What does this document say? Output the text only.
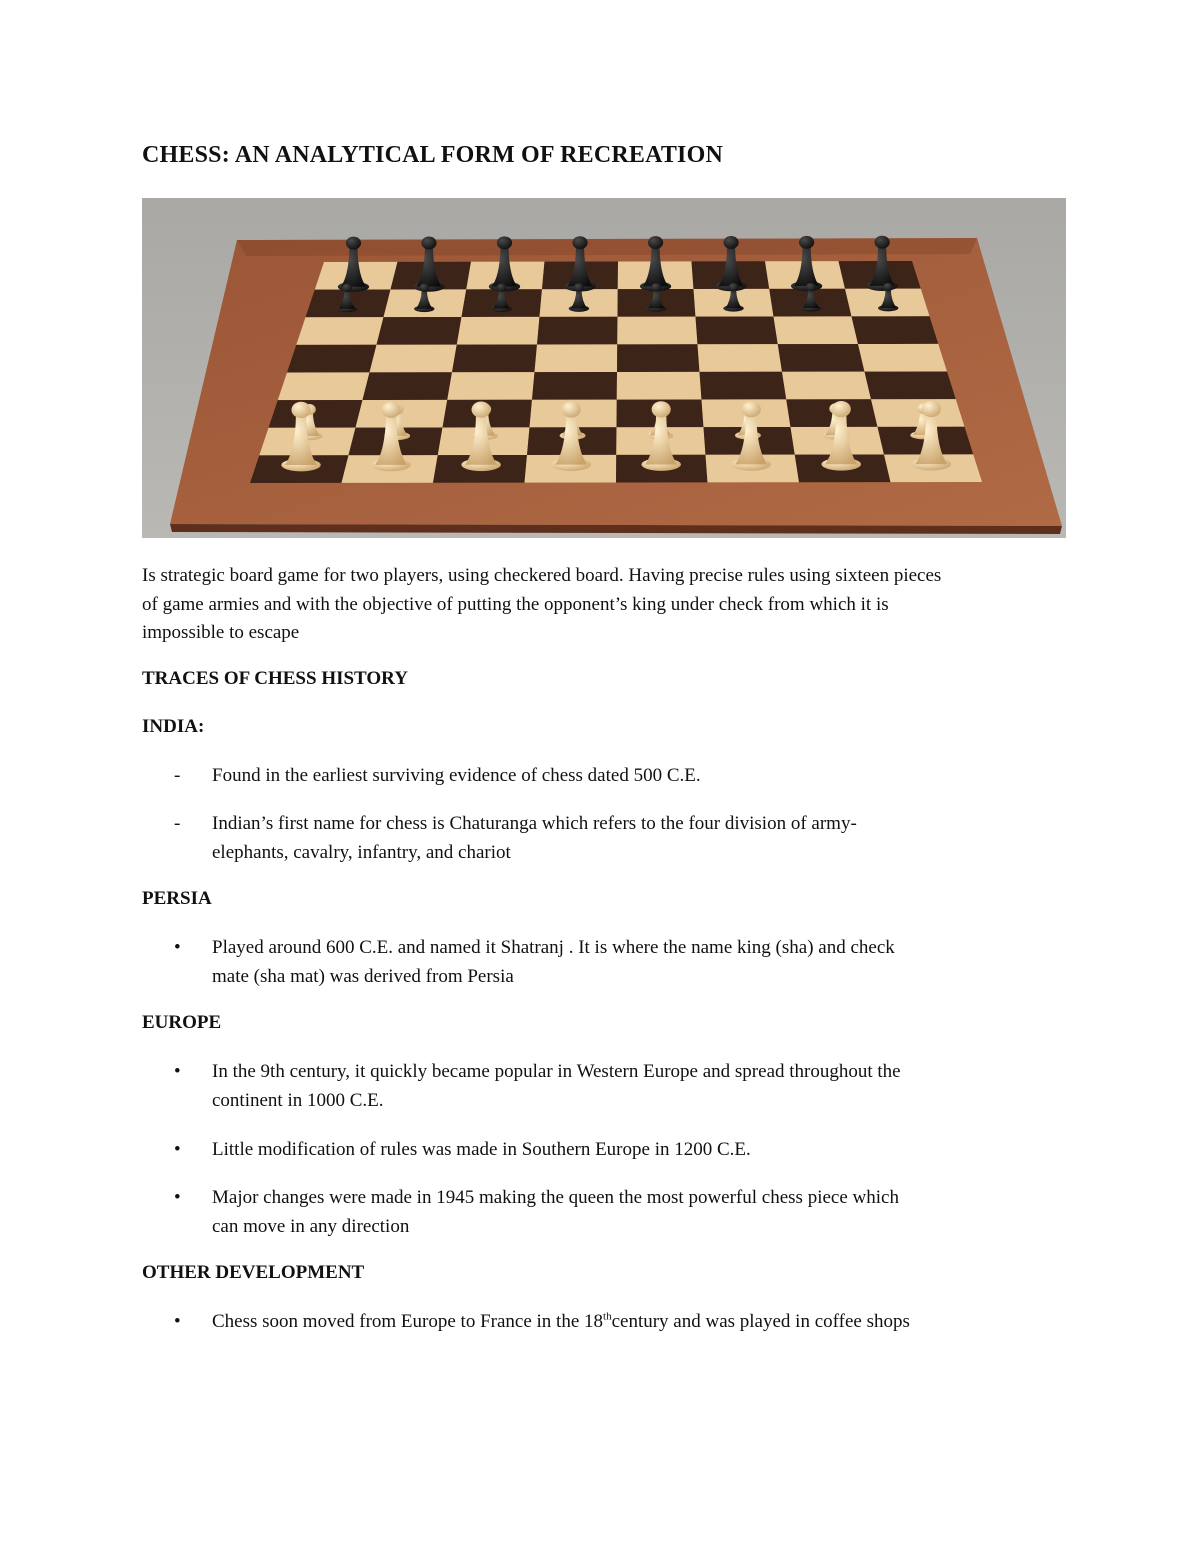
CHESS: AN ANALYTICAL FORM OF RECREATION

Is strategic board game for two players, using checkered board. Having precise rules using sixteen pieces
of game armies and with the objective of putting the opponent’s king under check from which it is
impossible to escape

TRACES OF CHESS HISTORY
INDIA:
- Found in the earliest surviving evidence of chess dated 500 C.E.

- Indian’s first name for chess is Chaturanga which refers to the four division of army-
elephants, cavalry, infantry, and chariot

PERSIA
• Played around 600 C.E. and named it Shatranj . It is where the name king (sha) and check
mate (sha mat) was derived from Persia

EUROPE
• In the 9th century, it quickly became popular in Western Europe and spread throughout the
continent in 1000 C.E.

• Little modification of rules was made in Southern Europe in 1200 C.E.

• Major changes were made in 1945 making the queen the most powerful chess piece which
can move in any direction

OTHER DEVELOPMENT
• Chess soon moved from Europe to France in the 18thcentury and was played in coffee shops
